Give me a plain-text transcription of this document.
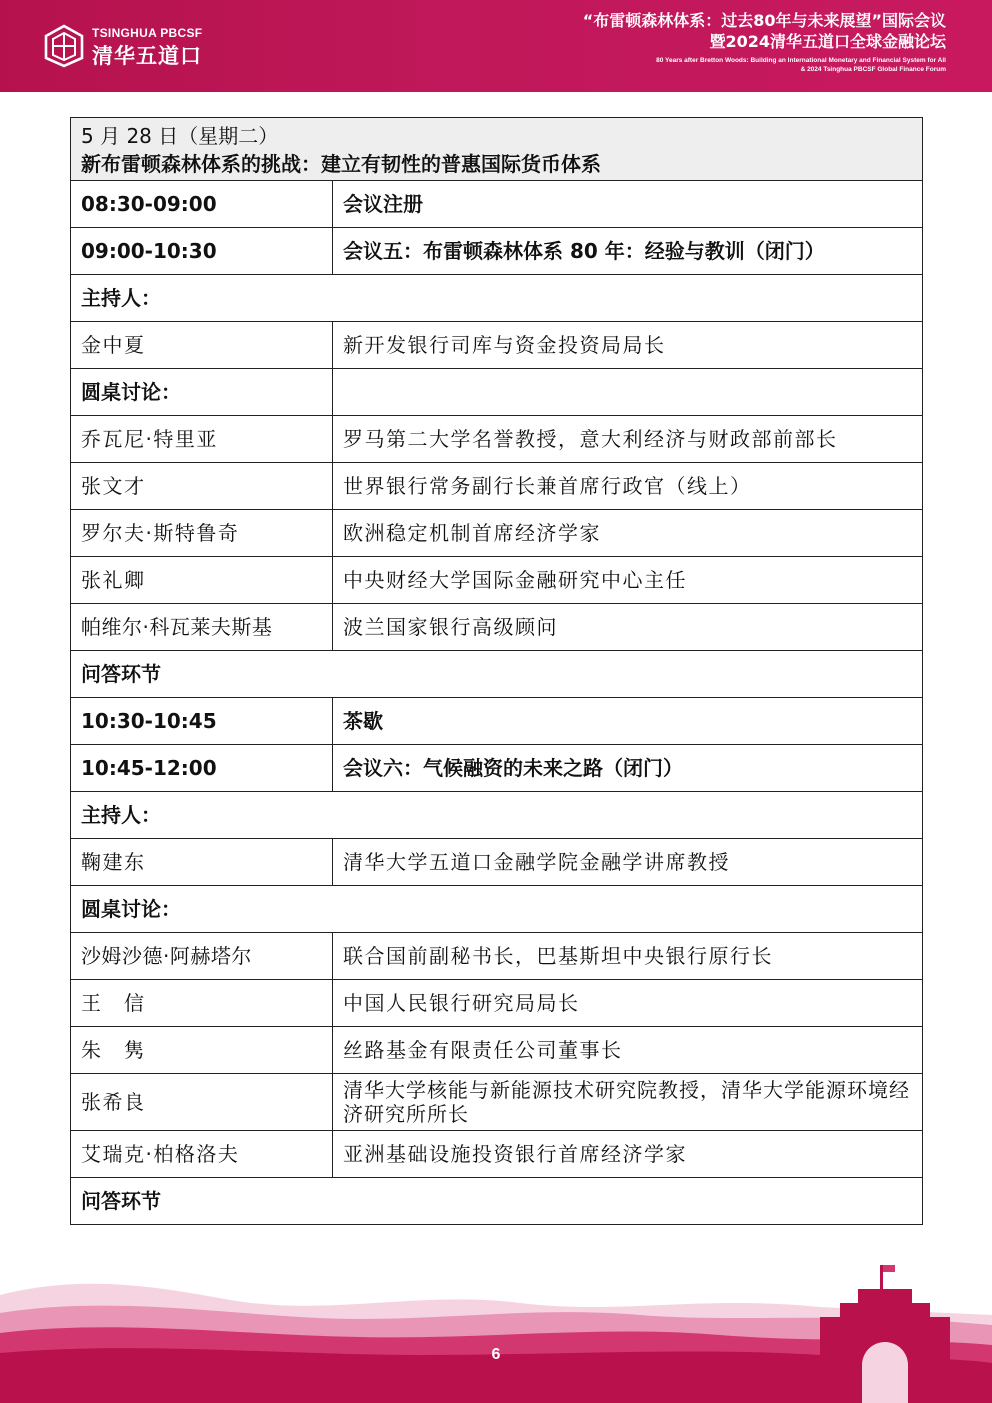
TSINGHUA PBCSF
清华五道口
“布雷顿森林体系：过去80年与未来展望”国际会议
暨2024清华五道口全球金融论坛
80 Years after Bretton Woods: Building an International Monetary and Financial System for All
& 2024 Tsinghua PBCSF Global Finance Forum
5 月 28 日（星期二）
新布雷顿森林体系的挑战：建立有韧性的普惠国际货币体系	

08:30-09:00	会议注册
09:00-10:30	会议五：布雷顿森林体系 80 年：经验与教训（闭门）
主持人：	
金中夏	新开发银行司库与资金投资局局长
圆桌讨论：	
乔瓦尼·特里亚	罗马第二大学名誉教授，意大利经济与财政部前部长
张文才	世界银行常务副行长兼首席行政官（线上）
罗尔夫·斯特鲁奇	欧洲稳定机制首席经济学家
张礼卿	中央财经大学国际金融研究中心主任
帕维尔·科瓦莱夫斯基	波兰国家银行高级顾问
问答环节	
10:30-10:45	茶歇
10:45-12:00	会议六：气候融资的未来之路（闭门）
主持人：	
鞠建东	清华大学五道口金融学院金融学讲席教授
圆桌讨论：	
沙姆沙德·阿赫塔尔	联合国前副秘书长，巴基斯坦中央银行原行长
王　信	中国人民银行研究局局长
朱　隽	丝路基金有限责任公司董事长
张希良	清华大学核能与新能源技术研究院教授，清华大学能源环境经济研究所所长
艾瑞克·柏格洛夫	亚洲基础设施投资银行首席经济学家
问答环节	
6
